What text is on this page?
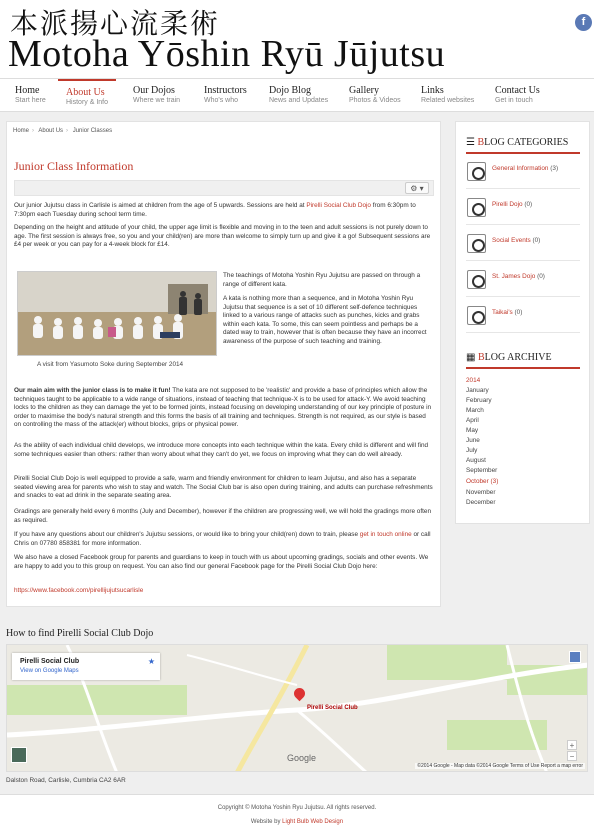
本派揚心流柔術
Motoha Yōshin Ryū Jūjutsu
f
Home
Start here
About Us
History & Info
Our Dojos
Where we train
Instructors
Who's who
Dojo Blog
News and Updates
Gallery
Photos & Videos
Links
Related websites
Contact Us
Get in touch
Home › About Us › Junior Classes
Junior Class Information
⚙ ▾
Our junior Jujutsu class in Carlisle is aimed at children from the age of 5 upwards. Sessions are held at Pirelli Social Club Dojo from 6:30pm to 7:30pm each Tuesday during school term time.
Depending on the height and attitude of your child, the upper age limit is flexible and moving in to the teen and adult sessions is not purely down to age. The first session is always free, so you and your child(ren) are more than welcome to simply turn up and give it a go! Subsequent sessions are £4 per week or you can pay for a 4-week block for £14.
A visit from Yasumoto Soke during September 2014
The teachings of Motoha Yoshin Ryu Jujutsu are passed on through a range of different kata.
A kata is nothing more than a sequence, and in Motoha Yoshin Ryu Jujutsu that sequence is a set of 10 different self-defence techniques linked to a various range of attacks such as punches, kicks and grabs within each kata. To some, this can seem pointless and perhaps be a dated way to train, however that is often because they have an incorrect awareness of the purpose of such teaching and training.
Our main aim with the junior class is to make it fun! The kata are not supposed to be 'realistic' and provide a base of principles which allow the techniques taught to be applicable to a wide range of situations, instead of teaching that technique-X is to be used for attack-Y. We avoid teaching locks to the children as they can damage the yet to be formed joints, instead focusing on developing understanding of our key principle of posture in order to maximise the body's natural strength and this forms the basis of all training and techniques. Strength is not required, as our style is based on controlling the mass of the attack(er) without blocks, grips or physical power.
As the ability of each individual child develops, we introduce more concepts into each technique within the kata. Every child is different and will find some techniques easier than others: rather than worry about what they can't do yet, we focus on improving what they can do well already.
Pirelli Social Club Dojo is well equipped to provide a safe, warm and friendly environment for children to learn Jujutsu, and also has a separate seated viewing area for parents who wish to stay and watch. The Social Club bar is also open during training, and adults can purchase refreshments and snacks to eat ad drink in the separate seating area.
Gradings are generally held every 6 months (July and December), however if the children are progressing well, we will hold the gradings more often as required.
If you have any questions about our children's Jujutsu sessions, or would like to bring your child(ren) down to train, please get in touch online or call Chris on 07780 858381 for more information.
We also have a closed Facebook group for parents and guardians to keep in touch with us about upcoming gradings, socials and other events. We are happy to add you to this group on request. You can also find our general Facebook page for the Pirelli Social Club Dojo here:
https://www.facebook.com/pirellijujutsucarlisle
☰ BLOG CATEGORIES
General Information (3)
Pirelli Dojo (0)
Social Events (0)
St. James Dojo (0)
Taikai's (0)
▦ BLOG ARCHIVE
2014
January
February
March
April
May
June
July
August
September
October (3)
November
December
How to find Pirelli Social Club Dojo
Pirelli Social Club
View on Google Maps
★
Pirelli Social Club
Google
©2014 Google - Map data ©2014 Google Terms of Use Report a map error
+
−
Dalston Road, Carlisle, Cumbria CA2 6AR
Copyright © Motoha Yoshin Ryu Jujutsu. All rights reserved.
Website by Light Bulb Web Design
